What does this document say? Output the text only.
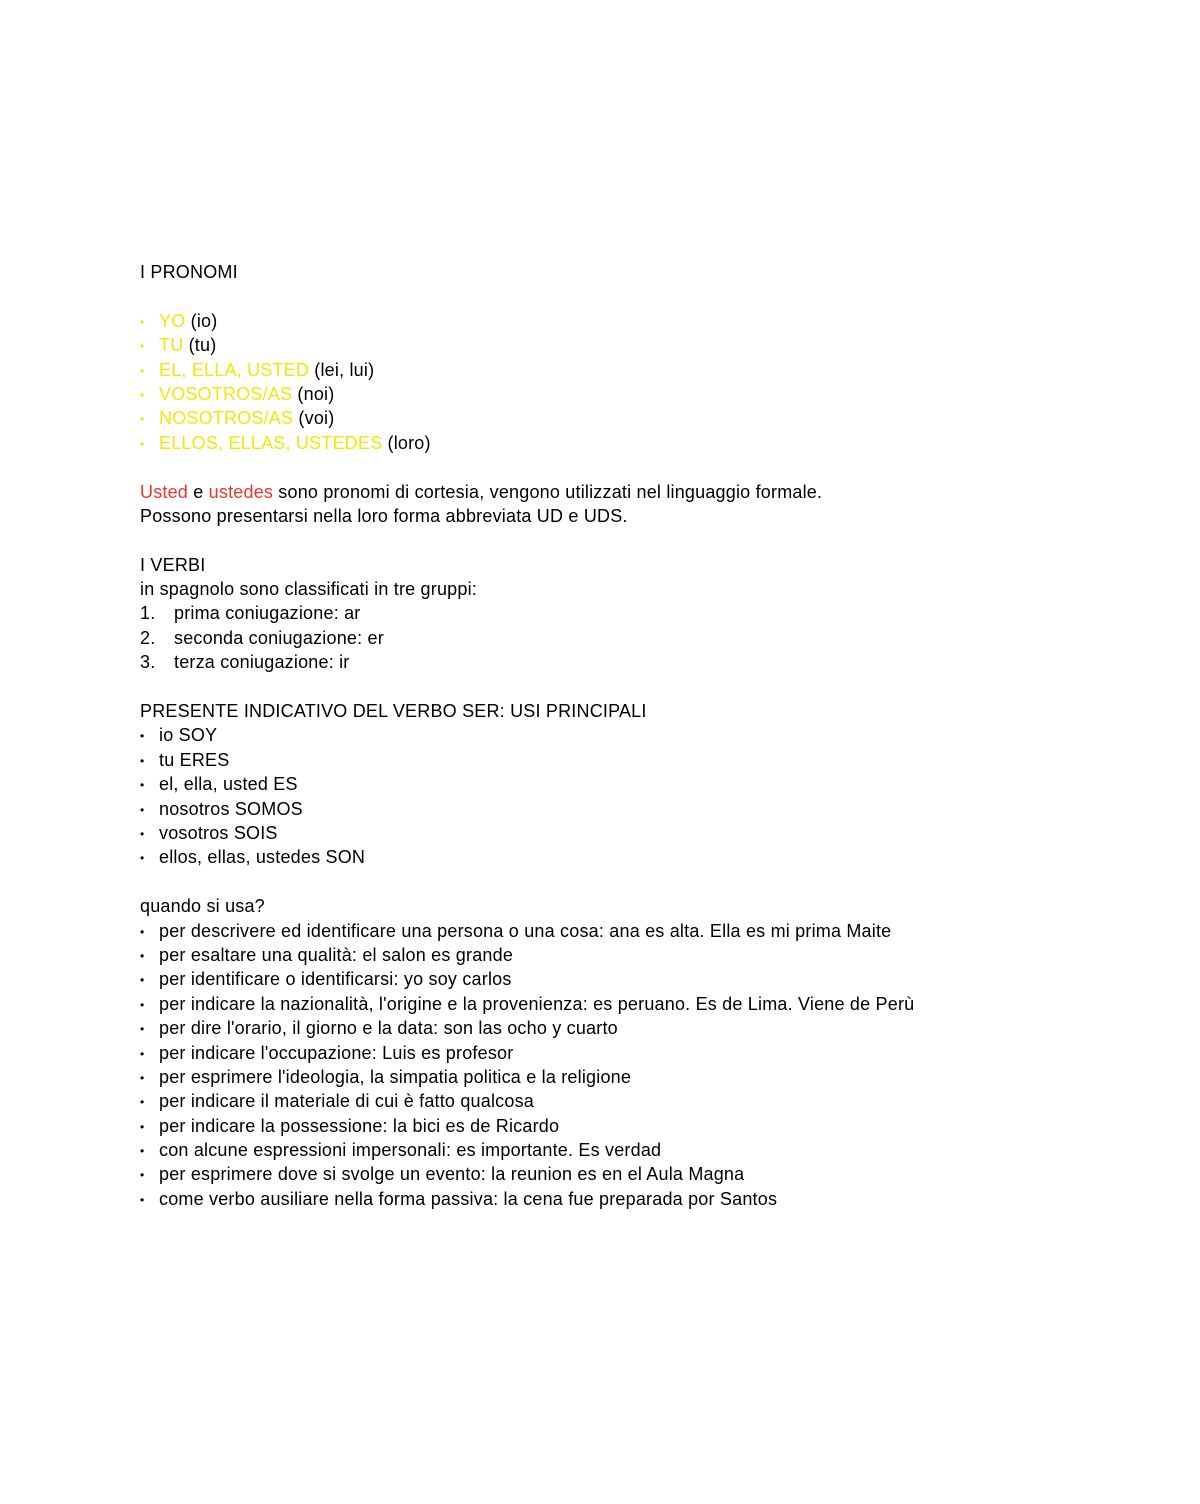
I PRONOMI
• YO (io)
• TU (tu)
• EL, ELLA, USTED (lei, lui)
• VOSOTROS/AS (noi)
• NOSOTROS/AS (voi)
• ELLOS, ELLAS, USTEDES (loro)
Usted e ustedes sono pronomi di cortesia, vengono utilizzati nel linguaggio formale.
Possono presentarsi nella loro forma abbreviata UD e UDS.
I VERBI
in spagnolo sono classificati in tre gruppi:
1. prima coniugazione: ar
2. seconda coniugazione: er
3. terza coniugazione: ir
PRESENTE INDICATIVO DEL VERBO SER: USI PRINCIPALI
• io SOY
• tu ERES
• el, ella, usted ES
• nosotros SOMOS
• vosotros SOIS
• ellos, ellas, ustedes SON
quando si usa?
• per descrivere ed identificare una persona o una cosa: ana es alta. Ella es mi prima Maite
• per esaltare una qualità: el salon es grande
• per identificare o identificarsi: yo soy carlos
• per indicare la nazionalità, l'origine e la provenienza: es peruano. Es de Lima. Viene de Perù
• per dire l'orario, il giorno e la data: son las ocho y cuarto
• per indicare l'occupazione: Luis es profesor
• per esprimere l'ideologia, la simpatia politica e la religione
• per indicare il materiale di cui è fatto qualcosa
• per indicare la possessione: la bici es de Ricardo
• con alcune espressioni impersonali: es importante. Es verdad
• per esprimere dove si svolge un evento: la reunion es en el Aula Magna
• come verbo ausiliare nella forma passiva: la cena fue preparada por Santos
